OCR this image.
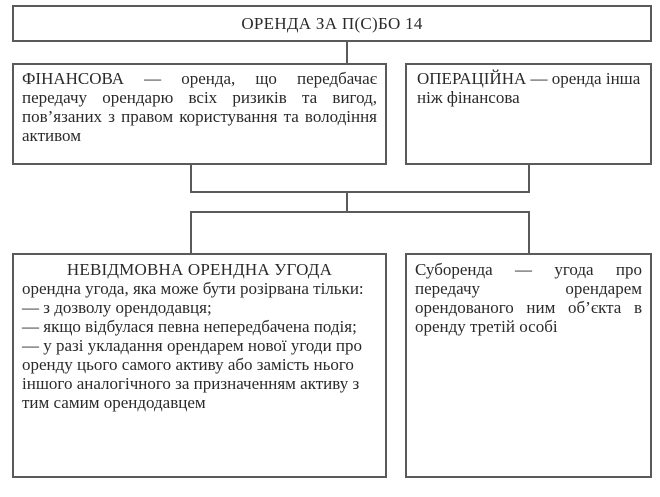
ОРЕНДА ЗА П(С)БО 14
ФІНАНСОВА — оренда, що передбачає передачу орендарю всіх ризиків та вигод, пов’язаних з правом користування та володіння активом
ОПЕРАЦІЙНА — оренда інша ніж фінансова
НЕВІДМОВНА ОРЕНДНА УГОДА
орендна угода, яка може бути розірвана тільки:
— з дозволу орендодавця;
— якщо відбулася певна непередбачена подія;
— у разі укладання орендарем нової угоди про оренду цього самого активу або замість нього іншого аналогічного за призначенням активу з тим самим орендодавцем
Суборенда — угода про передачу орендарем орендованого ним об’єкта в оренду третій особі
